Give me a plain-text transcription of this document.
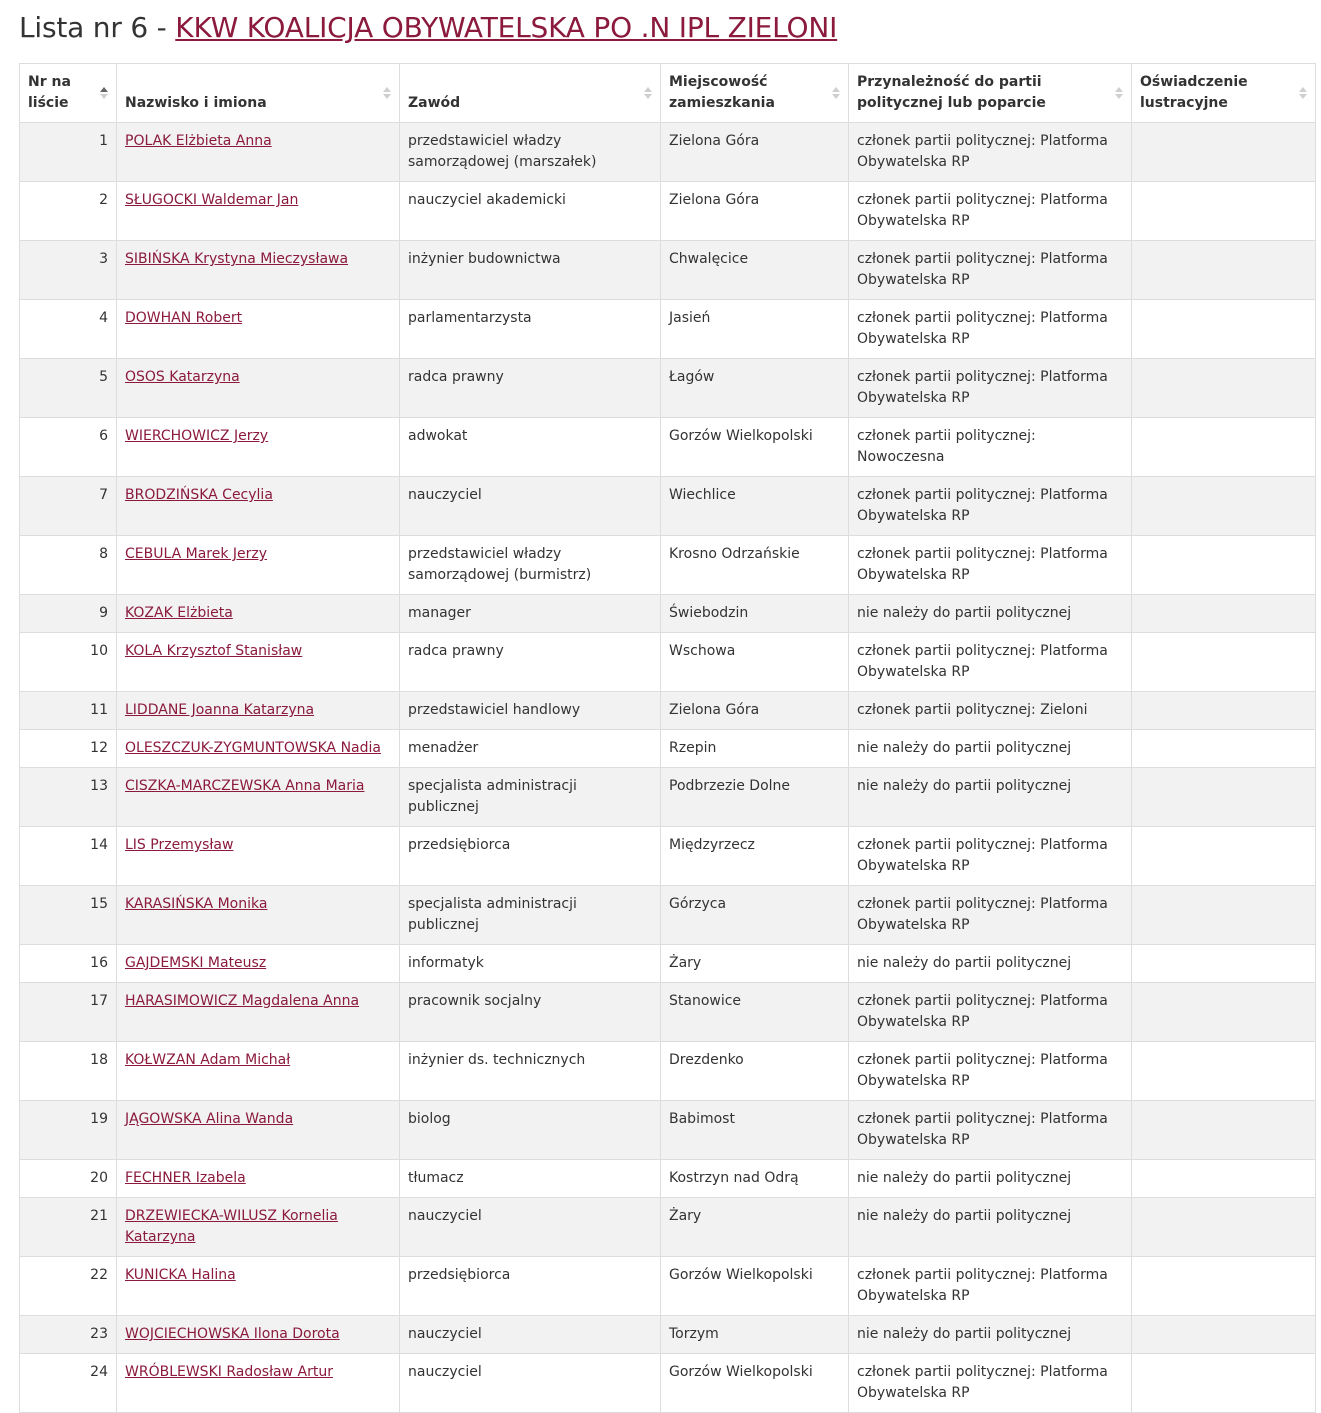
Lista nr 6 - KKW KOALICJA OBYWATELSKA PO .N IPL ZIELONI
Nr na liście	Nazwisko i imiona	Zawód	Miejscowość zamieszkania	Przynależność do partii politycznej lub poparcie	Oświadczenie lustracyjne

1	POLAK Elżbieta Anna	przedstawiciel władzy samorządowej (marszałek)	Zielona Góra	członek partii politycznej: Platforma Obywatelska RP	
2	SŁUGOCKI Waldemar Jan	nauczyciel akademicki	Zielona Góra	członek partii politycznej: Platforma Obywatelska RP	
3	SIBIŃSKA Krystyna Mieczysława	inżynier budownictwa	Chwalęcice	członek partii politycznej: Platforma Obywatelska RP	
4	DOWHAN Robert	parlamentarzysta	Jasień	członek partii politycznej: Platforma Obywatelska RP	
5	OSOS Katarzyna	radca prawny	Łagów	członek partii politycznej: Platforma Obywatelska RP	
6	WIERCHOWICZ Jerzy	adwokat	Gorzów Wielkopolski	członek partii politycznej: Nowoczesna	
7	BRODZIŃSKA Cecylia	nauczyciel	Wiechlice	członek partii politycznej: Platforma Obywatelska RP	
8	CEBULA Marek Jerzy	przedstawiciel władzy samorządowej (burmistrz)	Krosno Odrzańskie	członek partii politycznej: Platforma Obywatelska RP	
9	KOZAK Elżbieta	manager	Świebodzin	nie należy do partii politycznej	
10	KOLA Krzysztof Stanisław	radca prawny	Wschowa	członek partii politycznej: Platforma Obywatelska RP	
11	LIDDANE Joanna Katarzyna	przedstawiciel handlowy	Zielona Góra	członek partii politycznej: Zieloni	
12	OLESZCZUK-ZYGMUNTOWSKA Nadia	menadżer	Rzepin	nie należy do partii politycznej	
13	CISZKA-MARCZEWSKA Anna Maria	specjalista administracji publicznej	Podbrzezie Dolne	nie należy do partii politycznej	
14	LIS Przemysław	przedsiębiorca	Międzyrzecz	członek partii politycznej: Platforma Obywatelska RP	
15	KARASIŃSKA Monika	specjalista administracji publicznej	Górzyca	członek partii politycznej: Platforma Obywatelska RP	
16	GAJDEMSKI Mateusz	informatyk	Żary	nie należy do partii politycznej	
17	HARASIMOWICZ Magdalena Anna	pracownik socjalny	Stanowice	członek partii politycznej: Platforma Obywatelska RP	
18	KOŁWZAN Adam Michał	inżynier ds. technicznych	Drezdenko	członek partii politycznej: Platforma Obywatelska RP	
19	JĄGOWSKA Alina Wanda	biolog	Babimost	członek partii politycznej: Platforma Obywatelska RP	
20	FECHNER Izabela	tłumacz	Kostrzyn nad Odrą	nie należy do partii politycznej	
21	DRZEWIECKA-WILUSZ Kornelia Katarzyna	nauczyciel	Żary	nie należy do partii politycznej	
22	KUNICKA Halina	przedsiębiorca	Gorzów Wielkopolski	członek partii politycznej: Platforma Obywatelska RP	
23	WOJCIECHOWSKA Ilona Dorota	nauczyciel	Torzym	nie należy do partii politycznej	
24	WRÓBLEWSKI Radosław Artur	nauczyciel	Gorzów Wielkopolski	członek partii politycznej: Platforma Obywatelska RP	
